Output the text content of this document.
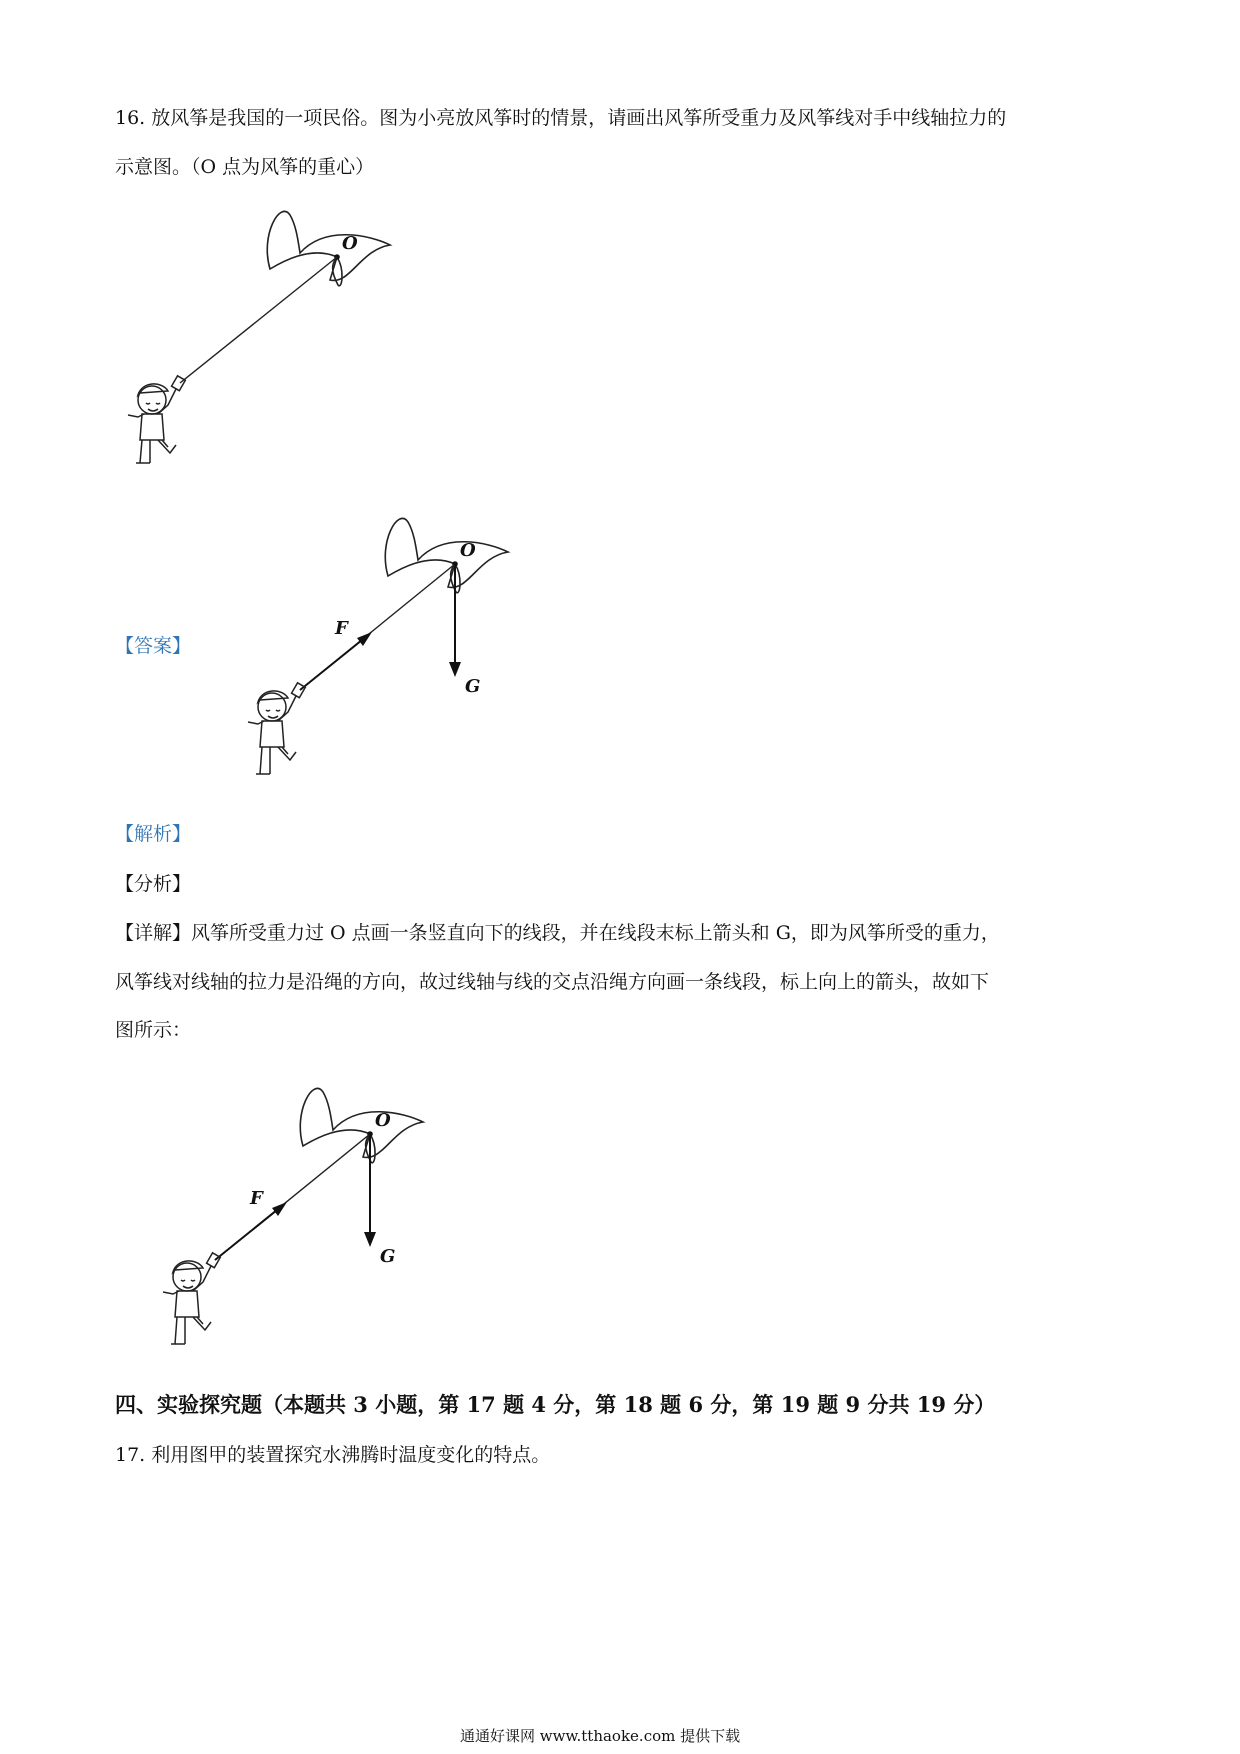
16. 放风筝是我国的一项民俗。图为小亮放风筝时的情景，请画出风筝所受重力及风筝线对手中线轴拉力的
示意图。（O 点为风筝的重心）
O
【答案】
O
F
G
【解析】
【分析】
【详解】风筝所受重力过 O 点画一条竖直向下的线段，并在线段末标上箭头和 G，即为风筝所受的重力，
风筝线对线轴的拉力是沿绳的方向，故过线轴与线的交点沿绳方向画一条线段，标上向上的箭头，故如下
图所示：
O
F
G
四、实验探究题（本题共 3 小题，第 17 题 4 分，第 18 题 6 分，第 19 题 9 分共 19 分）
17. 利用图甲的装置探究水沸腾时温度变化的特点。
通通好课网 www.tthaoke.com 提供下载
